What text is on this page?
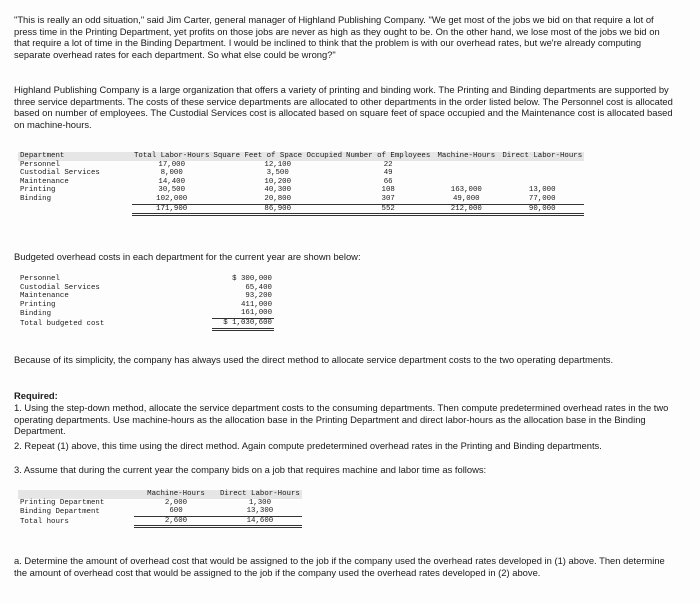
"This is really an odd situation," said Jim Carter, general manager of Highland Publishing Company. "We get most of the jobs we bid on that require a lot of press time in the Printing Department, yet profits on those jobs are never as high as they ought to be. On the other hand, we lose most of the jobs we bid on that require a lot of time in the Binding Department. I would be inclined to think that the problem is with our overhead rates, but we're already computing separate overhead rates for each department. So what else could be wrong?"
Highland Publishing Company is a large organization that offers a variety of printing and binding work. The Printing and Binding departments are supported by three service departments. The costs of these service departments are allocated to other departments in the order listed below. The Personnel cost is allocated based on number of employees. The Custodial Services cost is allocated based on square feet of space occupied and the Maintenance cost is allocated based on machine-hours.
Department	Total Labor-Hours	Square Feet of Space Occupied	Number of Employees	Machine-Hours	Direct Labor-Hours
Personnel	17,000	12,100	22		
Custodial Services	8,000	3,500	49		
Maintenance	14,400	10,200	66		
Printing	30,500	40,300	108	163,000	13,000
Binding	102,000	20,800	307	49,000	77,000
	171,900	86,900	552	212,000	90,000
Budgeted overhead costs in each department for the current year are shown below:
Personnel	$ 300,000
Custodial Services	65,400
Maintenance	93,200
Printing	411,000
Binding	161,000
Total budgeted cost	$ 1,030,600
Because of its simplicity, the company has always used the direct method to allocate service department costs to the two operating departments.
Required:
1. Using the step-down method, allocate the service department costs to the consuming departments. Then compute predetermined overhead rates in the two operating departments. Use machine-hours as the allocation base in the Printing Department and direct labor-hours as the allocation base in the Binding Department.
2. Repeat (1) above, this time using the direct method. Again compute predetermined overhead rates in the Printing and Binding departments.
3. Assume that during the current year the company bids on a job that requires machine and labor time as follows:
	Machine-Hours	Direct Labor-Hours
Printing Department	2,000	1,300
Binding Department	600	13,300
Total hours	2,600	14,600
a. Determine the amount of overhead cost that would be assigned to the job if the company used the overhead rates developed in (1) above. Then determine the amount of overhead cost that would be assigned to the job if the company used the overhead rates developed in (2) above.
